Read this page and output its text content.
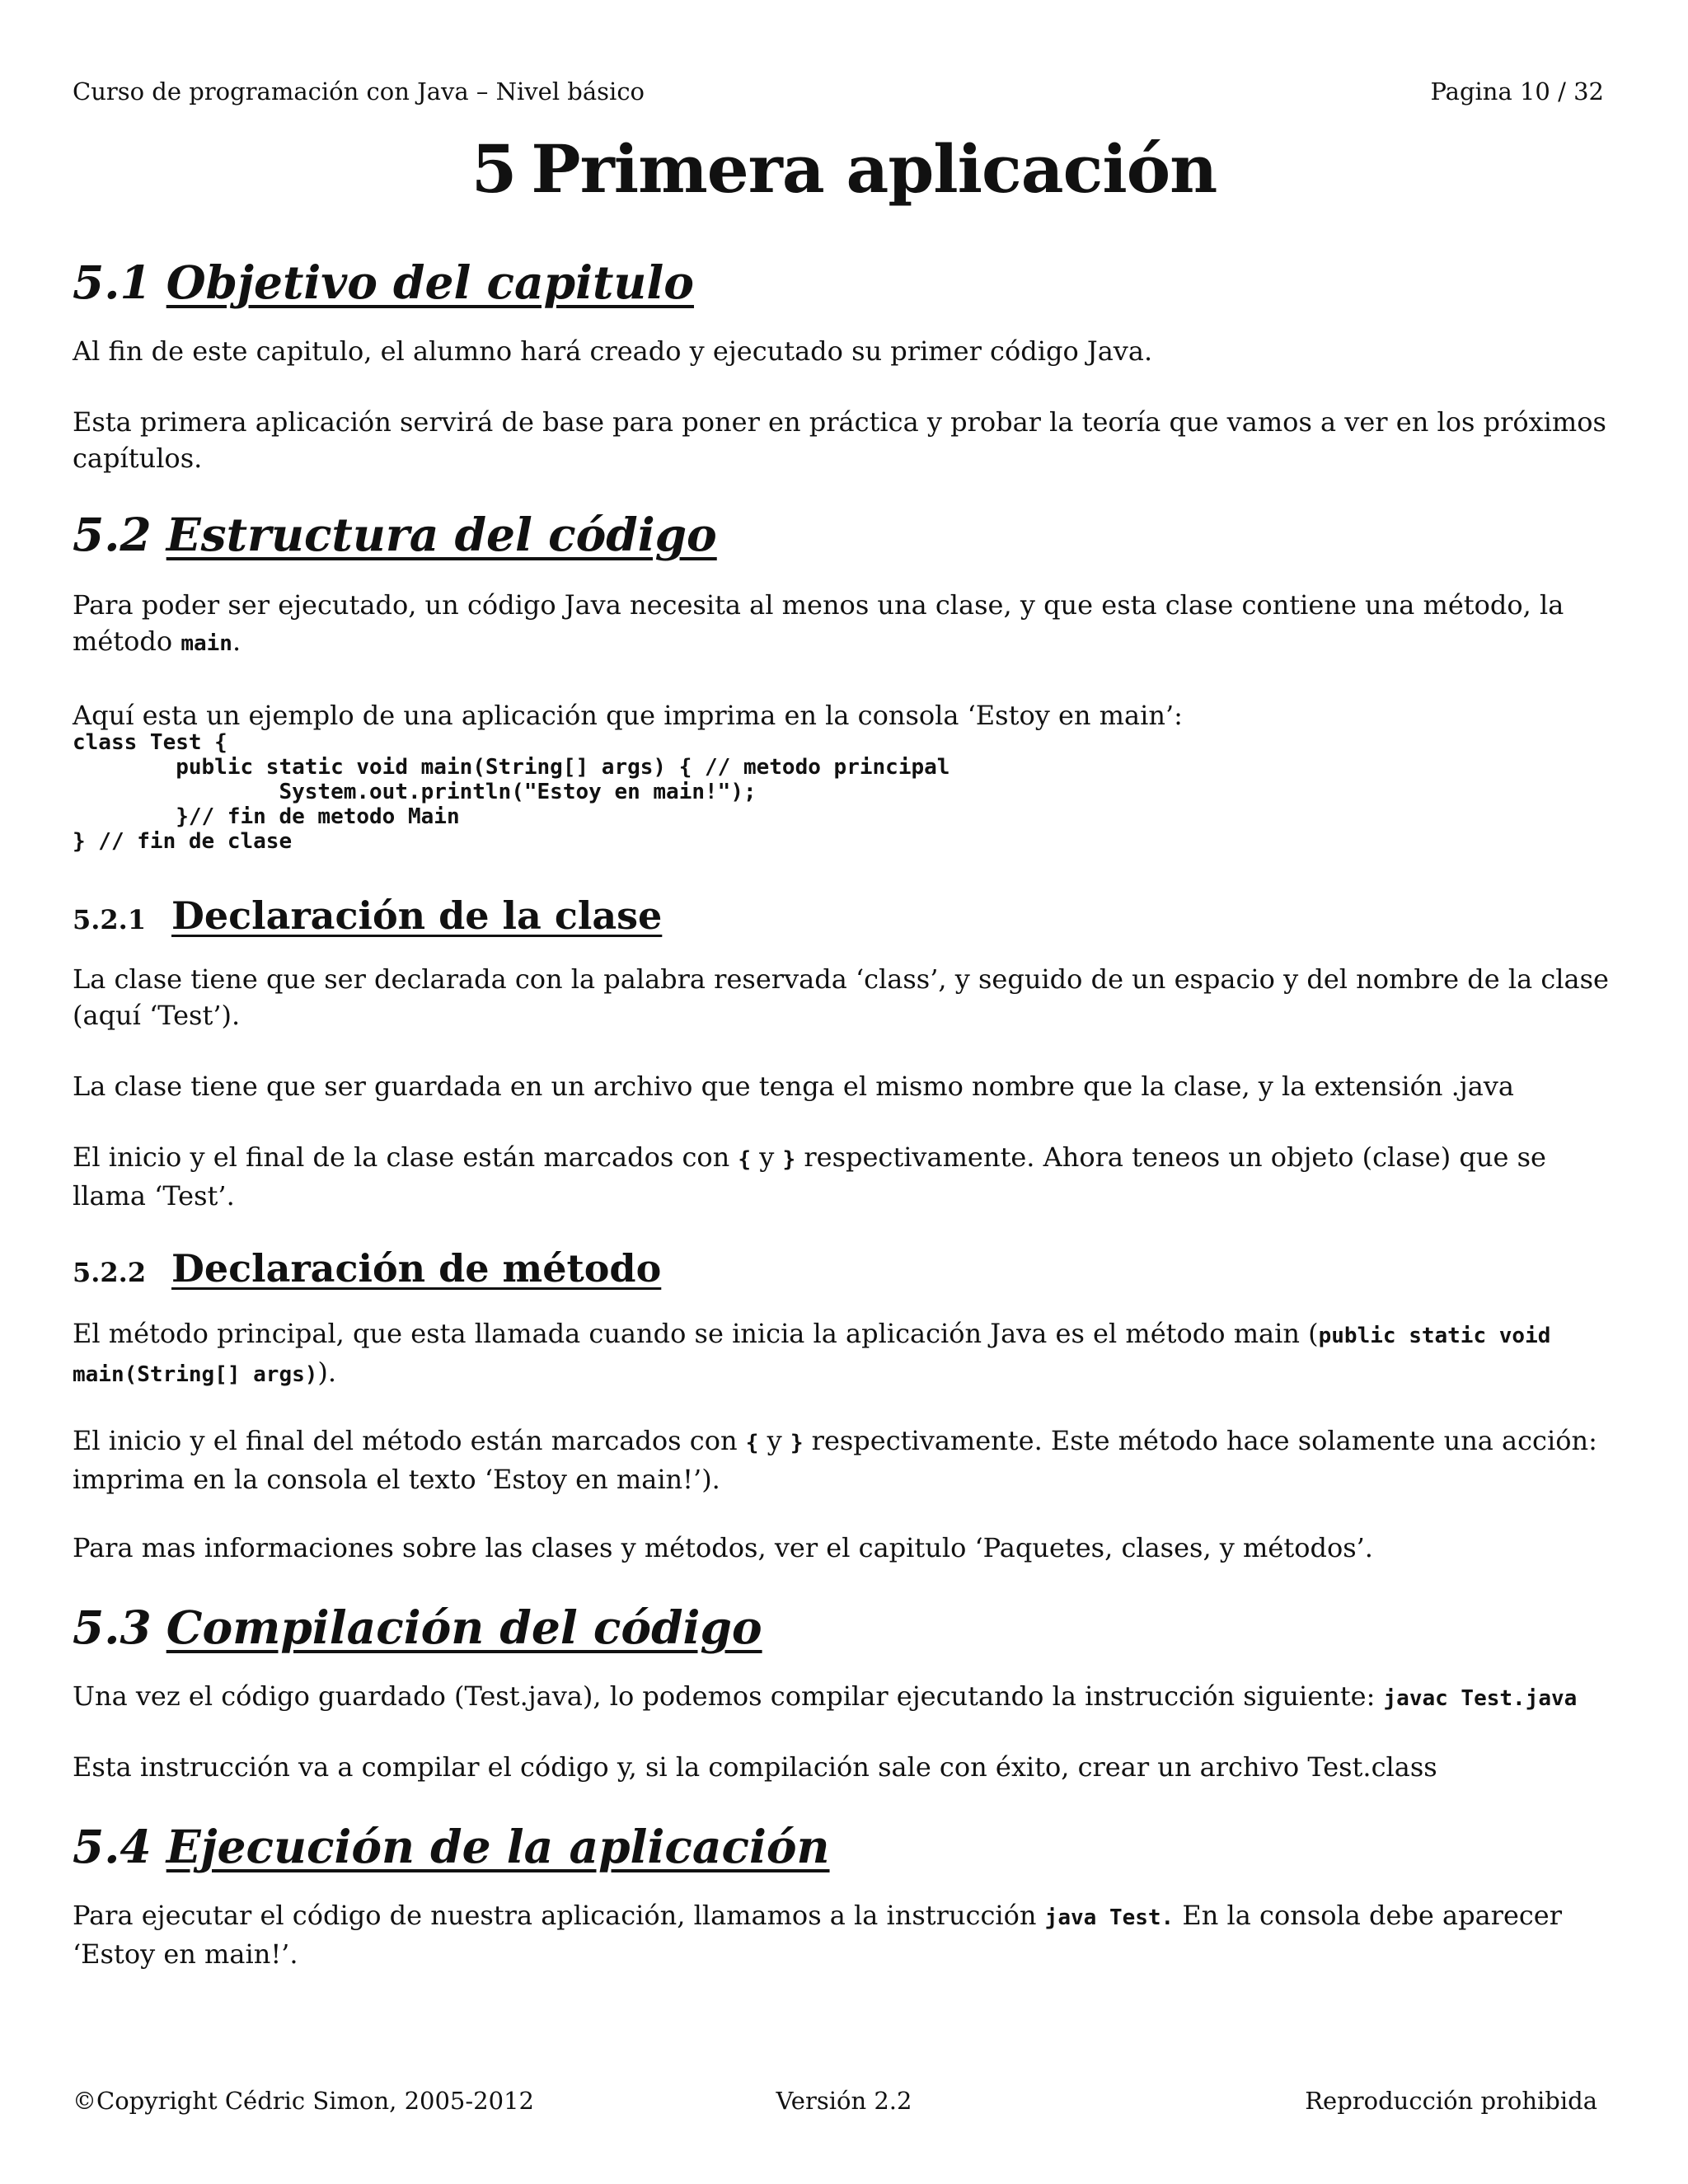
Curso de programación con Java – Nivel básico	Pagina 10 / 32
5 Primera aplicación
5.1 Objetivo del capitulo
Al fin de este capitulo, el alumno hará creado y ejecutado su primer código Java.
Esta primera aplicación servirá de base para poner en práctica y probar la teoría que vamos a ver en los próximos capítulos.
5.2 Estructura del código
Para poder ser ejecutado, un código Java necesita al menos una clase, y que esta clase contiene una método, la método main.
Aquí esta un ejemplo de una aplicación que imprima en la consola ‘Estoy en main’:
class Test {
public static void main(String[] args) { // metodo principal
System.out.println("Estoy en main!");
}// fin de metodo Main
} // fin de clase
5.2.1 Declaración de la clase
La clase tiene que ser declarada con la palabra reservada ‘class’, y seguido de un espacio y del nombre de la clase (aquí ‘Test’).
La clase tiene que ser guardada en un archivo que tenga el mismo nombre que la clase, y la extensión .java
El inicio y el final de la clase están marcados con { y } respectivamente. Ahora teneos un objeto (clase) que se llama ‘Test’.
5.2.2 Declaración de método
El método principal, que esta llamada cuando se inicia la aplicación Java es el método main (public static void main(String[] args)).
El inicio y el final del método están marcados con { y } respectivamente. Este método hace solamente una acción: imprima en la consola el texto ‘Estoy en main!’).
Para mas informaciones sobre las clases y métodos, ver el capitulo ‘Paquetes, clases, y métodos’.
5.3 Compilación del código
Una vez el código guardado (Test.java), lo podemos compilar ejecutando la instrucción siguiente: javac Test.java
Esta instrucción va a compilar el código y, si la compilación sale con éxito, crear un archivo Test.class
5.4 Ejecución de la aplicación
Para ejecutar el código de nuestra aplicación, llamamos a la instrucción java Test. En la consola debe aparecer ‘Estoy en main!’.
©Copyright Cédric Simon, 2005-2012	Versión 2.2	Reproducción prohibida
